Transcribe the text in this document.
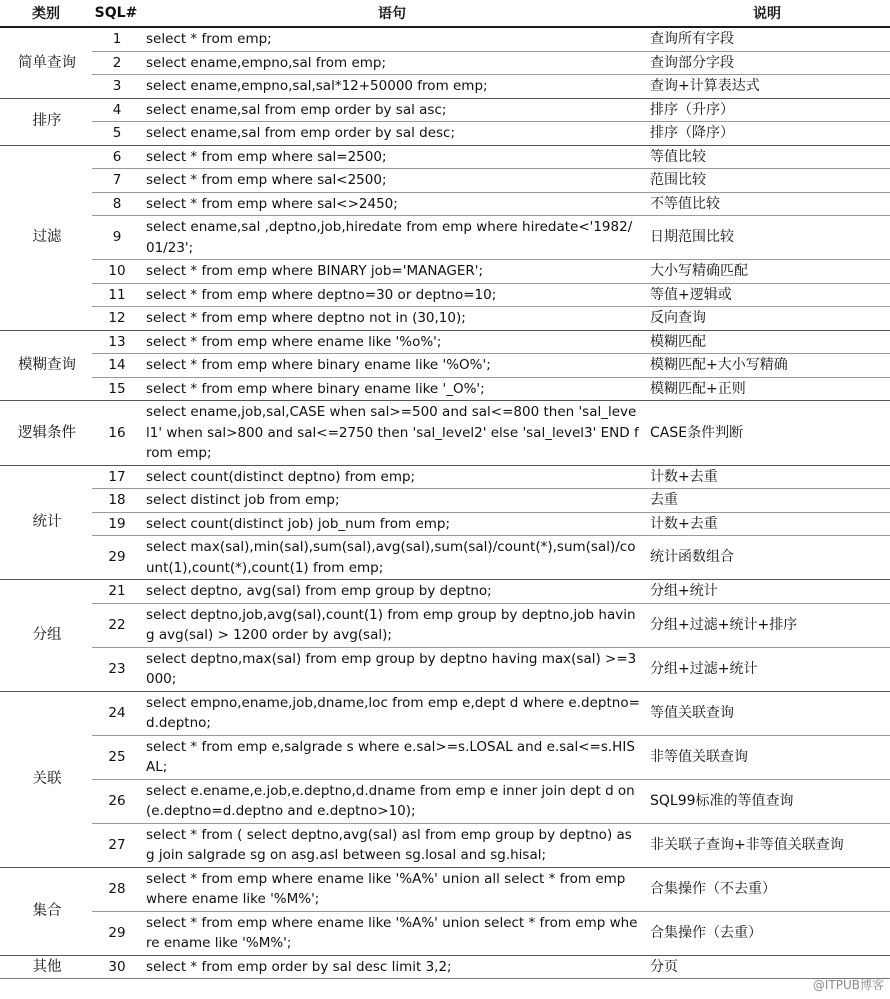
类别	SQL#	语句	说明
简单查询	1	select * from emp;	查询所有字段
	2	select ename,empno,sal from emp;	查询部分字段
	3	select ename,empno,sal,sal*12+50000 from emp;	查询+计算表达式
排序	4	select ename,sal from emp order by sal asc;	排序（升序）
	5	select ename,sal from emp order by sal desc;	排序（降序）
过滤	6	select * from emp where sal=2500;	等值比较
	7	select * from emp where sal<2500;	范围比较
	8	select * from emp where sal<>2450;	不等值比较
	9	select ename,sal ,deptno,job,hiredate from emp where hiredate<'1982/01/23';	日期范围比较
	10	select * from emp where BINARY job='MANAGER';	大小写精确匹配
	11	select * from emp where deptno=30 or deptno=10;	等值+逻辑或
	12	select * from emp where deptno not in (30,10);	反向查询
模糊查询	13	select * from emp where ename like '%o%';	模糊匹配
	14	select * from emp where binary ename like '%O%';	模糊匹配+大小写精确
	15	select * from emp where binary ename like '_O%';	模糊匹配+正则
逻辑条件	16	select ename,job,sal,CASE when sal>=500 and sal<=800 then 'sal_level1' when sal>800 and sal<=2750 then 'sal_level2' else 'sal_level3' END from emp;	CASE条件判断
统计	17	select count(distinct deptno) from emp;	计数+去重
	18	select distinct job from emp;	去重
	19	select count(distinct job) job_num from emp;	计数+去重
	29	select max(sal),min(sal),sum(sal),avg(sal),sum(sal)/count(*),sum(sal)/count(1),count(*),count(1) from emp;	统计函数组合
分组	21	select deptno, avg(sal) from emp group by deptno;	分组+统计
	22	select deptno,job,avg(sal),count(1) from emp group by deptno,job having avg(sal) > 1200 order by avg(sal);	分组+过滤+统计+排序
	23	select deptno,max(sal) from emp group by deptno having max(sal) >=3000;	分组+过滤+统计
关联	24	select empno,ename,job,dname,loc from emp e,dept d where e.deptno=d.deptno;	等值关联查询
	25	select * from emp e,salgrade s where e.sal>=s.LOSAL and e.sal<=s.HISAL;	非等值关联查询
	26	select e.ename,e.job,e.deptno,d.dname from emp e inner join dept d on (e.deptno=d.deptno and e.deptno>10);	SQL99标准的等值查询
	27	select * from ( select deptno,avg(sal) asl from emp group by deptno) asg join salgrade sg on asg.asl between sg.losal and sg.hisal;	非关联子查询+非等值关联查询
集合	28	select * from emp where ename like '%A%' union all select * from emp where ename like '%M%';	合集操作（不去重）
	29	select * from emp where ename like '%A%' union select * from emp where ename like '%M%';	合集操作（去重）
其他	30	select * from emp order by sal desc limit 3,2;	分页
@ITPUB博客
